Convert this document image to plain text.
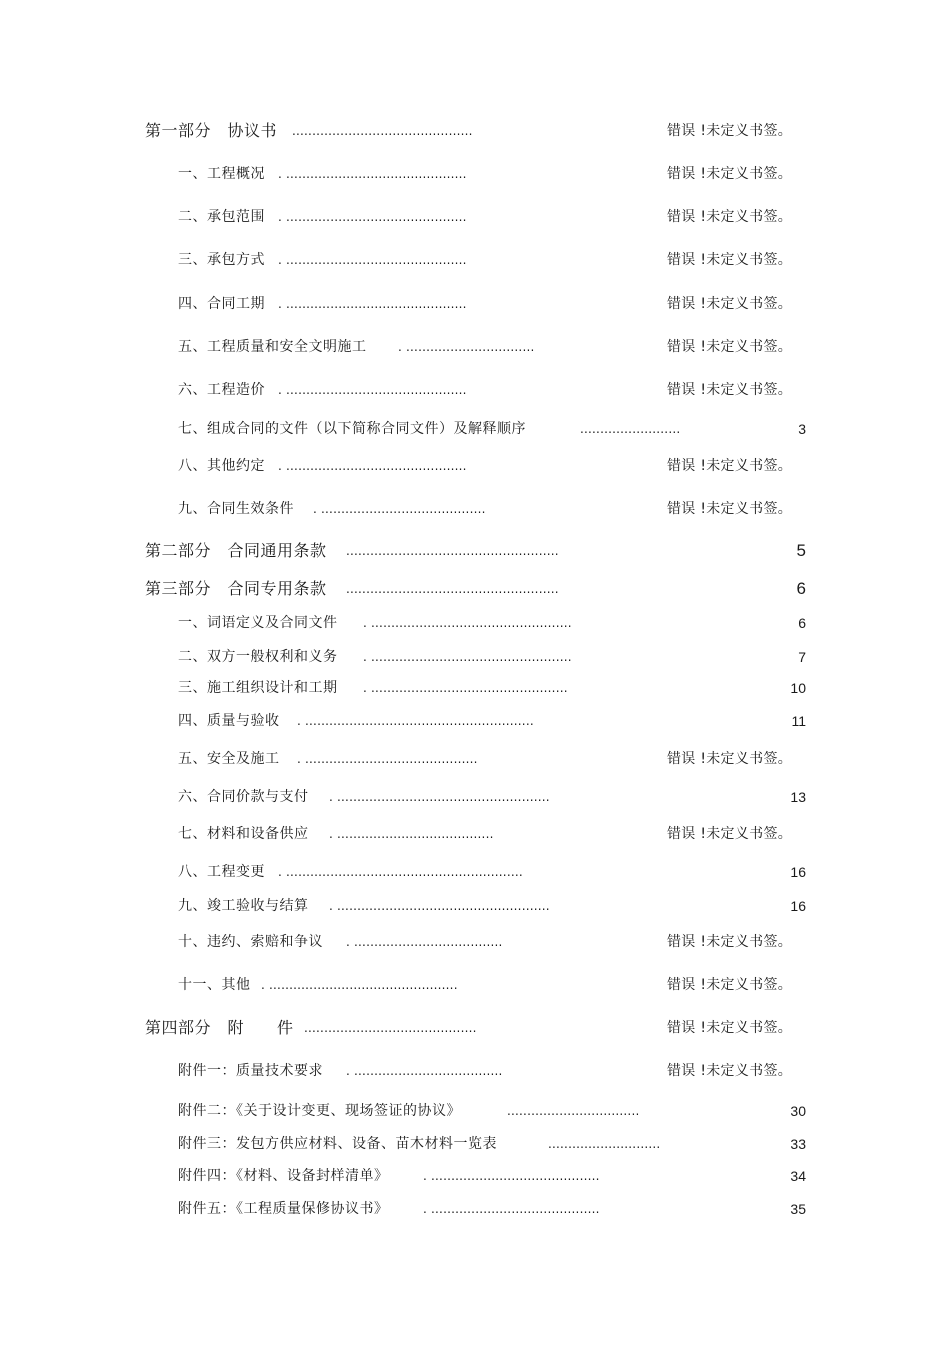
第一部分　协议书 .............................................	错误 !未定义书签。
一、工程概况 . .............................................	错误 !未定义书签。
二、承包范围 . .............................................	错误 !未定义书签。
三、承包方式 . .............................................	错误 !未定义书签。
四、合同工期 . .............................................	错误 !未定义书签。
五、工程质量和安全文明施工	. ................................	错误 !未定义书签。
六、工程造价 . .............................................	错误 !未定义书签。
七、组成合同的文件（以下简称合同文件）及解释顺序	.........................	3
八、其他约定 . .............................................	错误 !未定义书签。
九、合同生效条件 . .........................................	错误 !未定义书签。
第二部分　合同通用条款 .....................................................	5
第三部分　合同专用条款 .....................................................	6
一、词语定义及合同文件 . ..................................................	6
二、双方一般权利和义务 . ..................................................	7
三、施工组织设计和工期 . .................................................	10
四、质量与验收 . .........................................................	11
五、安全及施工 . ...........................................	错误 !未定义书签。
六、合同价款与支付 . .....................................................	13
七、材料和设备供应 . .......................................	错误 !未定义书签。
八、工程变更 . ...........................................................	16
九、竣工验收与结算 . .....................................................	16
十、违约、索赔和争议 . .....................................	错误 !未定义书签。
十一、其他 . ...............................................	错误 !未定义书签。
第四部分　附　　件 ...........................................	错误 !未定义书签。
附件一：质量技术要求 . .....................................	错误 !未定义书签。
附件二：《关于设计变更、现场签证的协议》	.................................	30
附件三：发包方供应材料、设备、苗木材料一览表	............................	33
附件四：《材料、设备封样清单》	. ..........................................	34
附件五：《工程质量保修协议书》	. ..........................................	35
